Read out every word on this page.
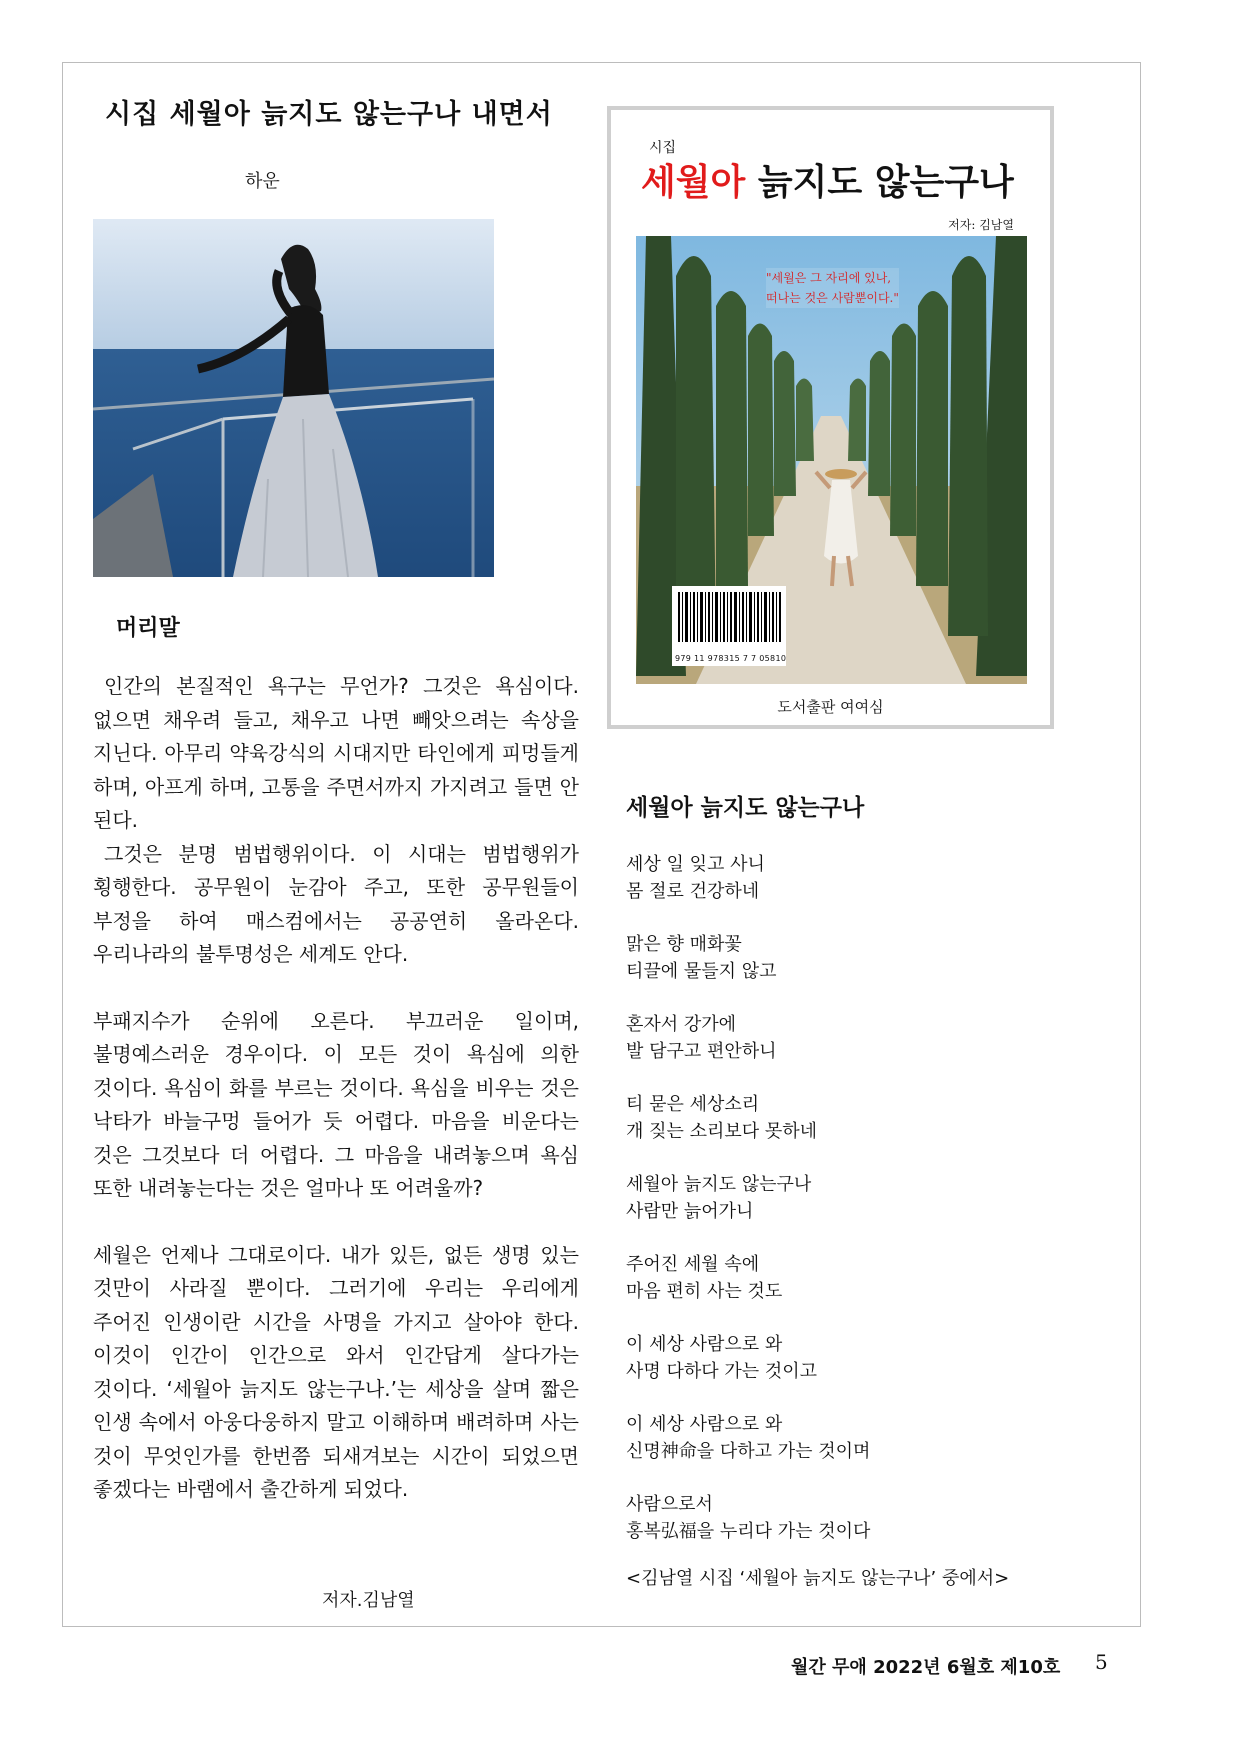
시집 세월아 늙지도 않는구나 내면서
하운
머리말

인간의 본질적인 욕구는 무언가? 그것은 욕심이다. 없으면 채우려 들고, 채우고 나면 빼앗으려는 속상을 지닌다. 아무리 약육강식의 시대지만 타인에게 피멍들게 하며, 아프게 하며, 고통을 주면서까지 가지려고 들면 안 된다.

그것은 분명 범법행위이다. 이 시대는 범법행위가 횡행한다. 공무원이 눈감아 주고, 또한 공무원들이 부정을 하여 매스컴에서는 공공연히 올라온다. 우리나라의 불투명성은 세계도 안다.

부패지수가 순위에 오른다. 부끄러운 일이며, 불명예스러운 경우이다. 이 모든 것이 욕심에 의한 것이다. 욕심이 화를 부르는 것이다. 욕심을 비우는 것은 낙타가 바늘구멍 들어가 듯 어렵다. 마음을 비운다는 것은 그것보다 더 어렵다. 그 마음을 내려놓으며 욕심 또한 내려놓는다는 것은 얼마나 또 어려울까?

세월은 언제나 그대로이다. 내가 있든, 없든 생명 있는 것만이 사라질 뿐이다. 그러기에 우리는 우리에게 주어진 인생이란 시간을 사명을 가지고 살아야 한다. 이것이 인간이 인간으로 와서 인간답게 살다가는 것이다. ‘세월아 늙지도 않는구나.’는 세상을 살며 짧은 인생 속에서 아웅다웅하지 말고 이해하며 배려하며 사는 것이 무엇인가를 한번쯤 되새겨보는 시간이 되었으면 좋겠다는 바램에서 출간하게 되었다.

저자.김남열
시집
세월아 늙지도 않는구나
저자: 김남열
"세월은 그 자리에 있나,
떠나는 것은 사람뿐이다."
979 11 978315 7 7 05810
도서출판 여여심
세월아 늙지도 않는구나
세상 일 잊고 사니
몸 절로 건강하네
맑은 향 매화꽃
티끌에 물들지 않고
혼자서 강가에
발 담구고 편안하니
티 묻은 세상소리
개 짖는 소리보다 못하네
세월아 늙지도 않는구나
사람만 늙어가니
주어진 세월 속에
마음 편히 사는 것도
이 세상 사람으로 와
사명 다하다 가는 것이고
이 세상 사람으로 와
신명神命을 다하고 가는 것이며
사람으로서
홍복弘福을 누리다 가는 것이다
<김남열 시집 ‘세월아 늙지도 않는구나’ 중에서>
월간 무애 2022년 6월호 제10호 5
